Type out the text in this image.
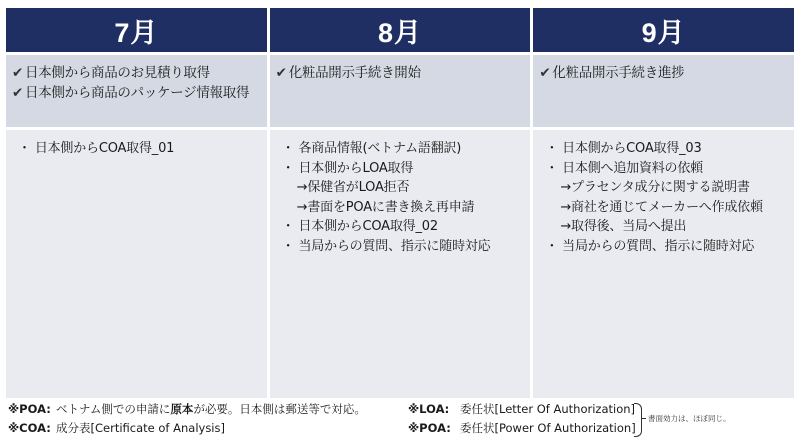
7月
✔ 日本側から商品のお見積り取得
✔ 日本側から商品のパッケージ情報取得
・ 日本側からCOA取得_01
8月
✔ 化粧品開示手続き開始
・ 各商品情報(ベトナム語翻訳)
・ 日本側からLOA取得
→保健省がLOA拒否
→書面をPOAに書き換え再申請
・ 日本側からCOA取得_02
・ 当局からの質問、指示に随時対応
9月
✔ 化粧品開示手続き進捗
・ 日本側からCOA取得_03
・ 日本側へ追加資料の依頼
→プラセンタ成分に関する説明書
→商社を通じてメーカーへ作成依頼
→取得後、当局へ提出
・ 当局からの質問、指示に随時対応
※POA: ベトナム側での申請に原本が必要。日本側は郵送等で対応。
※COA: 成分表[Certificate of Analysis]
※LOA: 委任状[Letter Of Authorization]
※POA: 委任状[Power Of Authorization]
書面効力は、ほぼ同じ。
